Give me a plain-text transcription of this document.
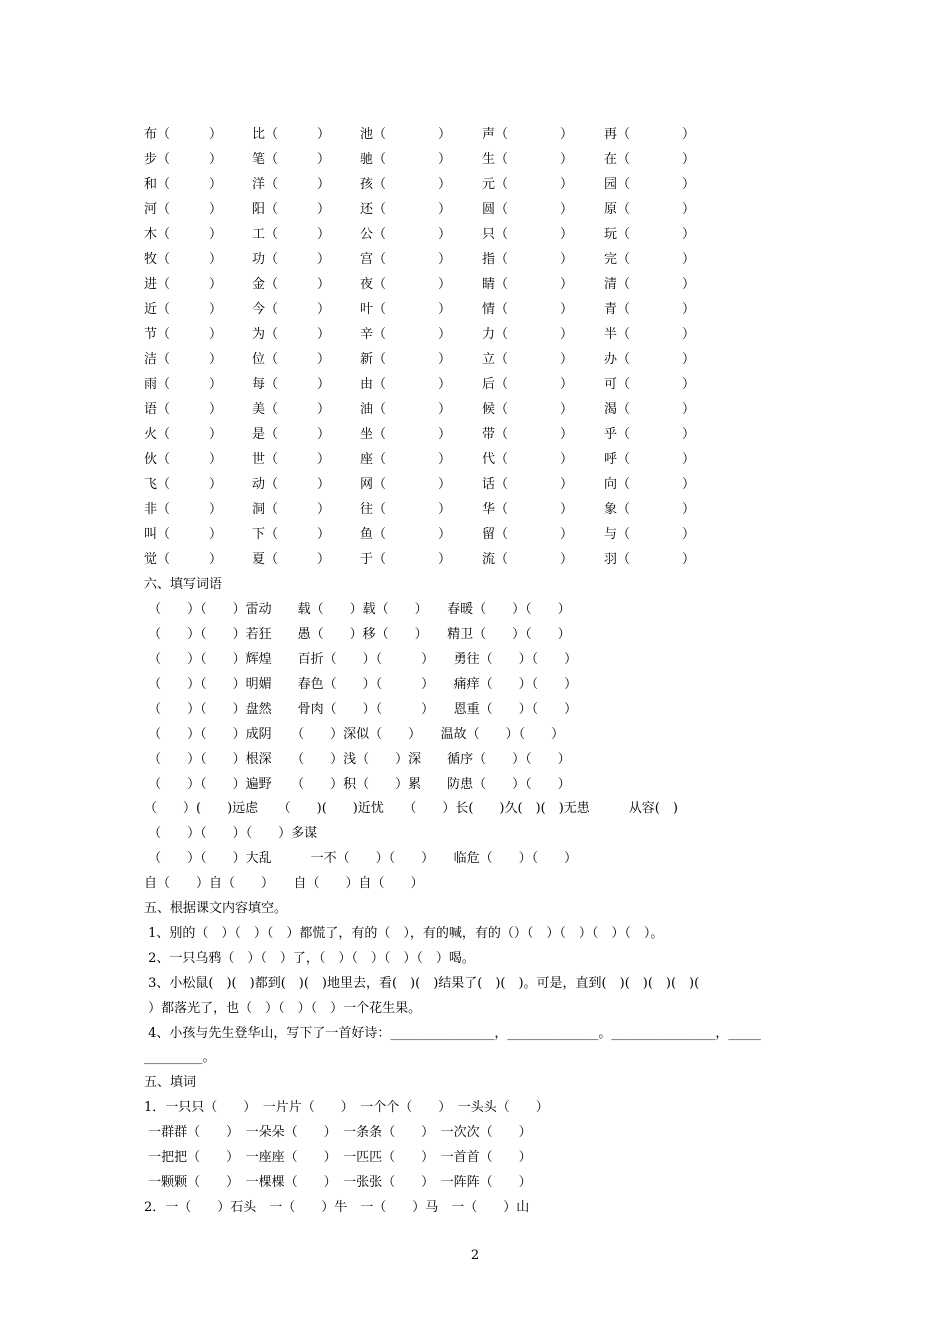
布（　　　） 比（　　　） 池（　　　　） 声（　　　　） 再（　　　　）
步（　　　） 笔（　　　） 驰（　　　　） 生（　　　　） 在（　　　　）
和（　　　） 洋（　　　） 孩（　　　　） 元（　　　　） 园（　　　　）
河（　　　） 阳（　　　） 还（　　　　） 圆（　　　　） 原（　　　　）
木（　　　） 工（　　　） 公（　　　　） 只（　　　　） 玩（　　　　）
牧（　　　） 功（　　　） 宫（　　　　） 指（　　　　） 完（　　　　）
进（　　　） 金（　　　） 夜（　　　　） 睛（　　　　） 清（　　　　）
近（　　　） 今（　　　） 叶（　　　　） 情（　　　　） 青（　　　　）
节（　　　） 为（　　　） 辛（　　　　） 力（　　　　） 半（　　　　）
洁（　　　） 位（　　　） 新（　　　　） 立（　　　　） 办（　　　　）
雨（　　　） 每（　　　） 由（　　　　） 后（　　　　） 可（　　　　）
语（　　　） 美（　　　） 油（　　　　） 候（　　　　） 渴（　　　　）
火（　　　） 是（　　　） 坐（　　　　） 带（　　　　） 乎（　　　　）
伙（　　　） 世（　　　） 座（　　　　） 代（　　　　） 呼（　　　　）
飞（　　　） 动（　　　） 网（　　　　） 话（　　　　） 向（　　　　）
非（　　　） 洞（　　　） 往（　　　　） 华（　　　　） 象（　　　　）
叫（　　　） 下（　　　） 鱼（　　　　） 留（　　　　） 与（　　　　）
觉（　　　） 夏（　　　） 于（　　　　） 流（　　　　） 羽（　　　　）
六、填写词语
（　　）（　　）雷动　　载（　　）载（　　）　　春暖（　　）（　　）
（　　）（　　）若狂　　愚（　　）移（　　）　　精卫（　　）（　　）
（　　）（　　）辉煌　　百折（　　）（　　　）　　勇往（　　）（　　）
（　　）（　　）明媚　　春色（　　）（　　　）　　痛痒（　　）（　　）
（　　）（　　）盘然　　骨肉（　　）（　　　）　　恩重（　　）（　　）
（　　）（　　）成阴　　（　　）深似（　　）　　温故（　　）（　　）
（　　）（　　）根深　　（　　）浅（　　）深　　循序（　　）（　　）
（　　）（　　）遍野　　（　　）积（　　）累　　防患（　　）（　　）
（　　）(　　)远虑　　（　　)(　　)近忧　　（　　）长(　　)久(　)(　)无患　　　从容(　)
（　　）（　　）（　　）多谋
（　　）（　　）大乱　　　一不（　　）（　　）　　临危（　　）（　　）
自（　　）自（　　）　　自（　　）自（　　）
五、根据课文内容填空。
1、别的（　）（　）（　）都慌了，有的（　），有的喊，有的（）（　）（　）（　）（　）。
2、一只乌鸦（　）（　）了，（　）（　）（　）（　）喝。
3、小松鼠(　)(　)都到(　)(　)地里去，看(　)(　)结果了(　)(　)。可是，直到(　)(　)(　)(　)(
）都落光了，也（　）（　）（　）一个花生果。
4、小孩与先生登华山，写下了一首好诗：________________，______________。________________，_____
_________。
五、填词
1．一只只（　　）　一片片（　　）　一个个（　　）　一头头（　　）
一群群（　　）　一朵朵（　　）　一条条（　　）　一次次（　　）
一把把（　　）　一座座（　　）　一匹匹（　　）　一首首（　　）
一颗颗（　　）　一棵棵（　　）　一张张（　　）　一阵阵（　　）
2．一（　　）石头　一（　　）牛　一（　　）马　一（　　）山
2
